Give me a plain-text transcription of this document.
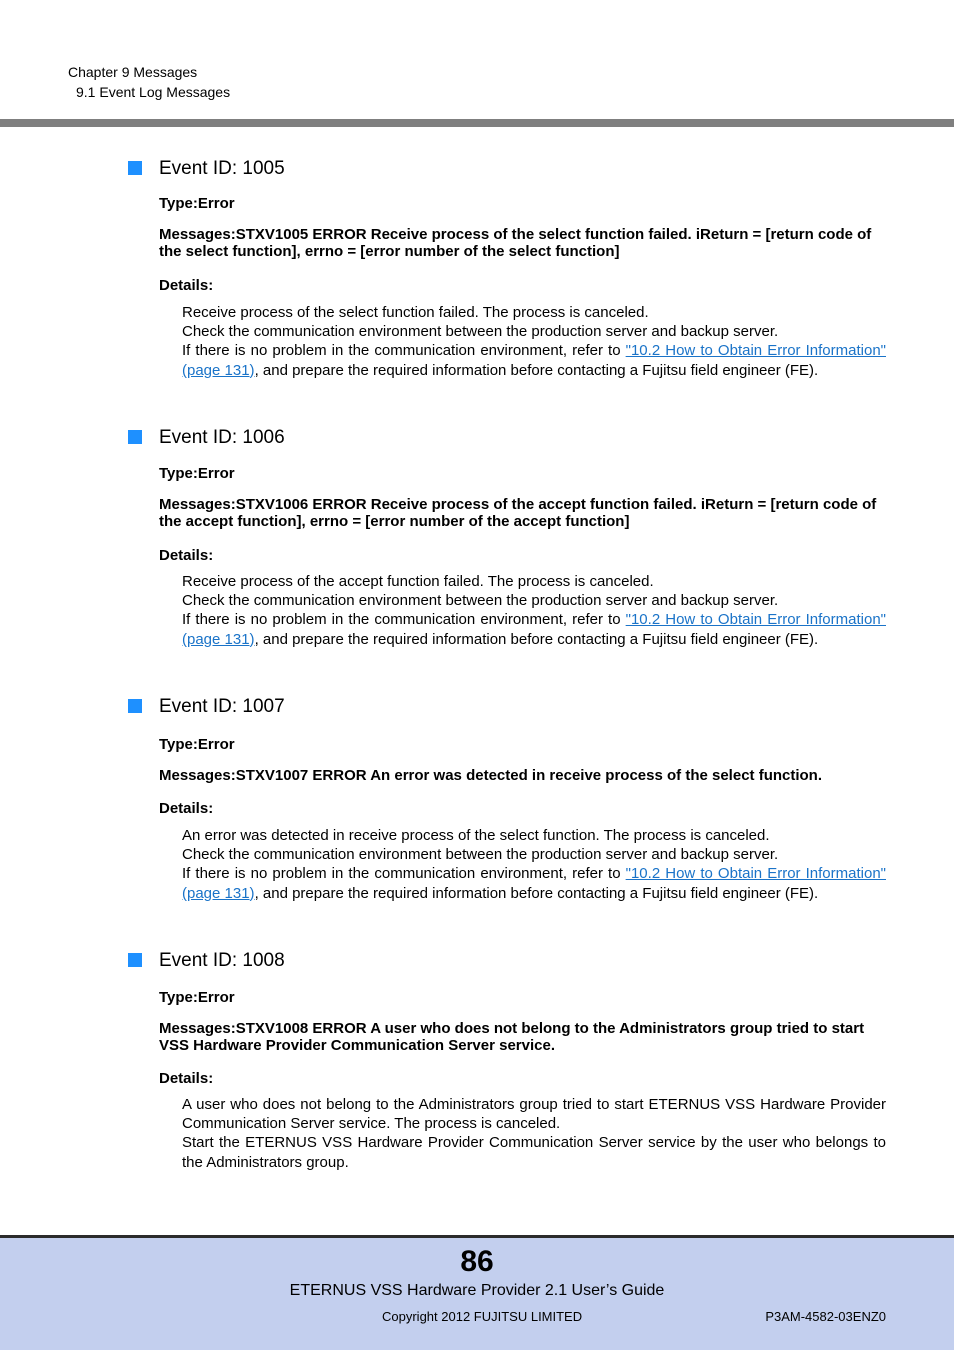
Chapter 9 Messages
9.1 Event Log Messages
Event ID: 1005
Type:Error
Messages:STXV1005 ERROR Receive process of the select function failed. iReturn = [return code of the select function], errno = [error number of the select function]
Details:

Receive process of the select function failed. The process is canceled.

Check the communication environment between the production server and backup server.

If there is no problem in the communication environment, refer to "10.2 How to Obtain Error Information" (page 131), and prepare the required information before contacting a Fujitsu field engineer (FE).

Event ID: 1006
Type:Error
Messages:STXV1006 ERROR Receive process of the accept function failed. iReturn = [return code of the accept function], errno = [error number of the accept function]
Details:

Receive process of the accept function failed. The process is canceled.

Check the communication environment between the production server and backup server.

If there is no problem in the communication environment, refer to "10.2 How to Obtain Error Information" (page 131), and prepare the required information before contacting a Fujitsu field engineer (FE).

Event ID: 1007
Type:Error
Messages:STXV1007 ERROR An error was detected in receive process of the select function.
Details:

An error was detected in receive process of the select function. The process is canceled.

Check the communication environment between the production server and backup server.

If there is no problem in the communication environment, refer to "10.2 How to Obtain Error Information" (page 131), and prepare the required information before contacting a Fujitsu field engineer (FE).

Event ID: 1008
Type:Error
Messages:STXV1008 ERROR A user who does not belong to the Administrators group tried to start VSS Hardware Provider Communication Server service.
Details:

A user who does not belong to the Administrators group tried to start ETERNUS VSS Hardware Provider Communication Server service. The process is canceled.

Start the ETERNUS VSS Hardware Provider Communication Server service by the user who belongs to the Administrators group.

86
ETERNUS VSS Hardware Provider 2.1 User’s Guide
Copyright 2012 FUJITSU LIMITED	P3AM-4582-03ENZ0
